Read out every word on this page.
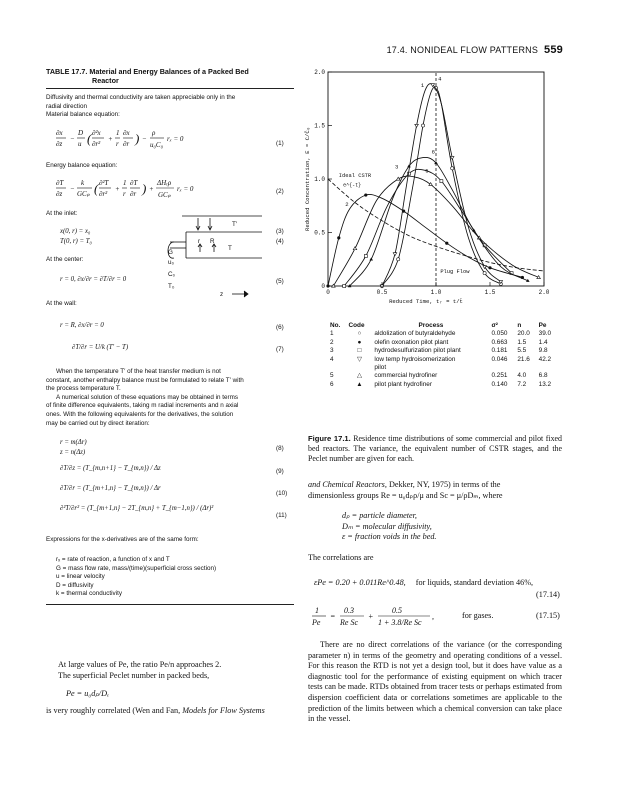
17.4. NONIDEAL FLOW PATTERNS 559
TABLE 17.7. Material and Energy Balances of a Packed Bed
Reactor
Diffusivity and thermal conductivity are taken appreciable only in the
radial direction
Material balance equation:
∂x
∂z
−
D
u ( ∂²x
∂r²
+
1
r
∂x
∂r ) −
ρ
u₀C₀
rₓ = 0
(1)
Energy balance equation:
∂T
∂z
−
k
GCₚ ( ∂²T
∂r²
+
1
r
∂T
∂r ) +
ΔHᵣρ
GCₚ
rₓ = 0	(2)
At the inlet:
x(0, r) = x₀
T(0, r) = T₀
(3)
(4)
At the center:
r = 0, ∂x/∂r = ∂T/∂r = 0	(5)
T′
r R
T
G
u₀
C₀
T₀
z
At the wall:
r = R, ∂x/∂r = 0	(6)
∂T/∂r = U/k (T′ − T)	(7)
When the temperature T′ of the heat transfer medium is not
constant, another enthalpy balance must be formulated to relate T′ with
the process temperature T.
A numerical solution of these equations may be obtained in terms
of finite difference equivalents, taking m radial increments and n axial
ones. With the following equivalents for the derivatives, the solution
may be carried out by direct iteration:
r = m(Δr)
z = n(Δz)
∂T/∂z = (T_{m,n+1} − T_{m,n}) / Δz
∂T/∂r = (T_{m+1,n} − T_{m,n}) / Δr
∂²T/∂r² = (T_{m+1,n} − 2T_{m,n} + T_{m−1,n}) / (Δr)²
(8)
(9)
(10)
(11)
Expressions for the x-derivatives are of the same form:
rₓ = rate of reaction, a function of x and T
G = mass flow rate, mass/(time)(superficial cross section)
u = linear velocity
D = diffusivity
k = thermal conductivity
At large values of Pe, the ratio Pe/n approaches 2.
The superficial Peclet number in packed beds,
Pe = u₀dₚ/Dₑ
is very roughly correlated (Wen and Fan, Models for Flow Systems
0	0.5	1.0	1.5	2.0
0
0.5
1.0
1.5
2.0
Reduced Time, tᵣ = t/t̄
Reduced Concentration, E = C/C̄₀
1
2
3
4
5
6
Ideal CSTR
e^{-t}
Plug Flow
No.	Code	Process	σ²	n	Pe
1	○	aldolization of butyraldehyde	0.050	20.0	39.0
2	●	olefin oxonation pilot plant	0.663	1.5	1.4
3	□	hydrodesulfurization pilot plant	0.181	5.5	9.8
4	▽	low temp hydroisomerization	0.046	21.6	42.2
		pilot			
5	△	commercial hydrofiner	0.251	4.0	6.8
6	▲	pilot plant hydrofiner	0.140	7.2	13.2
Figure 17.1. Residence time distributions of some commercial and pilot fixed bed reactors. The variance, the equivalent number of CSTR stages, and the Peclet number are given for each.
and Chemical Reactors, Dekker, NY, 1975) in terms of the
dimensionless groups Re = u₀dₚρ/μ and Sc = μ/ρDₘ, where
dₚ = particle diameter,
Dₘ = molecular diffusivity,
ε = fraction voids in the bed.
The correlations are
εPe = 0.20 + 0.011Re^0.48, for liquids, standard deviation 46%,
(17.14)
1
Pe
=
0.3
Re Sc
+
0.5
1 + 3.8/Re Sc
,	for gases.	(17.15)
There are no direct correlations of the variance (or the corresponding parameter n) in terms of the geometry and operating conditions of a vessel. For this reason the RTD is not yet a design tool, but it does have value as a diagnostic tool for the performance of existing equipment on which tracer tests can be made. RTDs obtained from tracer tests or perhaps estimated from dispersion coefficient data or correlations sometimes are applicable to the prediction of the limits between which a chemical conversion can take place in the vessel.
